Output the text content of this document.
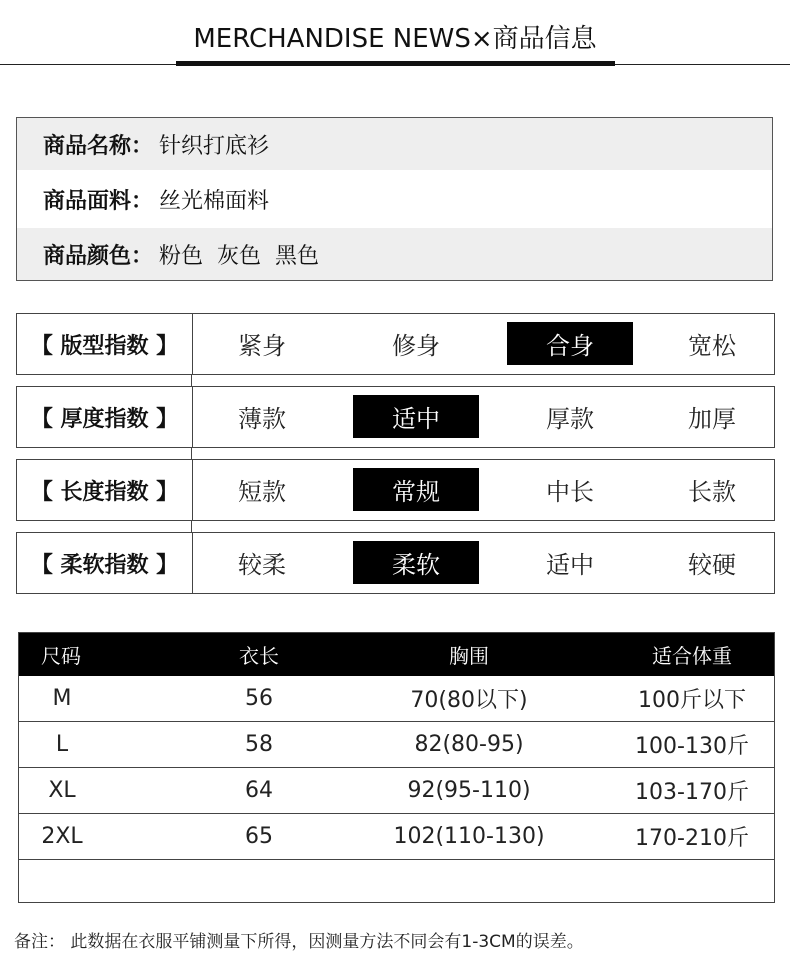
MERCHANDISE NEWS×商品信息
商品名称： 针织打底衫
商品面料： 丝光棉面料
商品颜色： 粉色  灰色  黑色
【 版型指数 】	紧身	修身	合身	宽松
【 厚度指数 】	薄款	适中	厚款	加厚
【 长度指数 】	短款	常规	中长	长款
【 柔软指数 】	较柔	柔软	适中	较硬
尺码	衣长	胸围	适合体重
M	56	70(80以下)	100斤以下
L	58	82(80-95)	100-130斤
XL	64	92(95-110)	103-170斤
2XL	65	102(110-130)	170-210斤
备注： 此数据在衣服平铺测量下所得，因测量方法不同会有1-3CM的误差。
